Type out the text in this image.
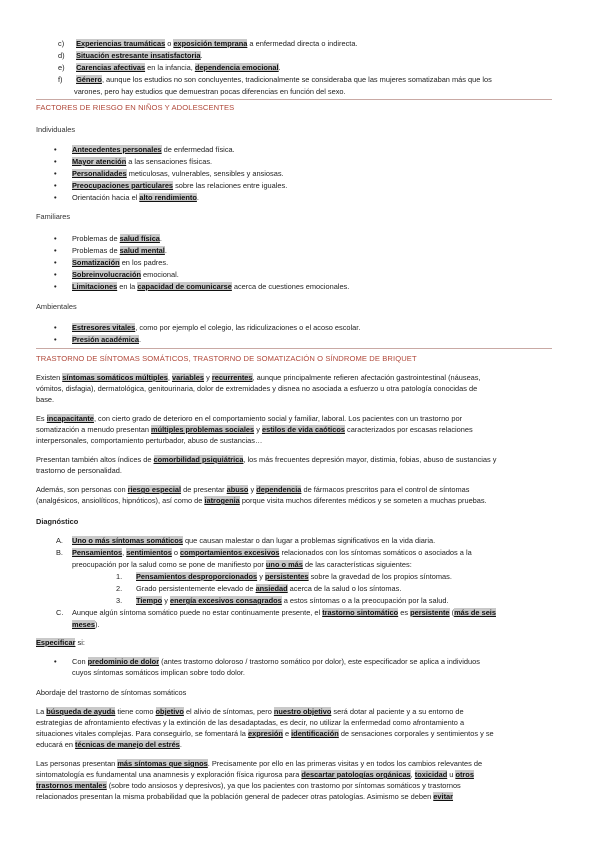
c) Experiencias traumáticas o exposición temprana a enfermedad directa o indirecta.
d) Situación estresante insatisfactoria.
e) Carencias afectivas en la infancia, dependencia emocional.
f) Género, aunque los estudios no son concluyentes, tradicionalmente se consideraba que las mujeres somatizaban más que los
varones, pero hay estudios que demuestran pocas diferencias en función del sexo.
FACTORES DE RIESGO EN NIÑOS Y ADOLESCENTES
Individuales
• Antecedentes personales de enfermedad física.
• Mayor atención a las sensaciones físicas.
• Personalidades meticulosas, vulnerables, sensibles y ansiosas.
• Preocupaciones particulares sobre las relaciones entre iguales.
• Orientación hacia el alto rendimiento.
Familiares
• Problemas de salud física.
• Problemas de salud mental.
• Somatización en los padres.
• Sobreinvolucración emocional.
• Limitaciones en la capacidad de comunicarse acerca de cuestiones emocionales.
Ambientales
• Estresores vitales, como por ejemplo el colegio, las ridiculizaciones o el acoso escolar.
• Presión académica.
TRASTORNO DE SÍNTOMAS SOMÁTICOS, TRASTORNO DE SOMATIZACIÓN O SÍNDROME DE BRIQUET
Existen síntomas somáticos múltiples, variables y recurrentes, aunque principalmente refieren afectación gastrointestinal (náuseas,
vómitos, disfagia), dermatológica, genitourinaria, dolor de extremidades y disnea no asociada a esfuerzo u otra patología conocidas de
base.
Es incapacitante, con cierto grado de deterioro en el comportamiento social y familiar, laboral. Los pacientes con un trastorno por
somatización a menudo presentan múltiples problemas sociales y estilos de vida caóticos caracterizados por escasas relaciones
interpersonales, comportamiento perturbador, abuso de sustancias…
Presentan también altos índices de comorbilidad psiquiátrica, los más frecuentes depresión mayor, distimia, fobias, abuso de sustancias y
trastorno de personalidad.
Además, son personas con riesgo especial de presentar abuso y dependencia de fármacos prescritos para el control de síntomas
(analgésicos, ansiolíticos, hipnóticos), así como de iatrogenia porque visita muchos diferentes médicos y se someten a muchas pruebas.
Diagnóstico
A. Uno o más síntomas somáticos que causan malestar o dan lugar a problemas significativos en la vida diaria.
B. Pensamientos, sentimientos o comportamientos excesivos relacionados con los síntomas somáticos o asociados a la
preocupación por la salud como se pone de manifiesto por uno o más de las características siguientes:
1. Pensamientos desproporcionados y persistentes sobre la gravedad de los propios síntomas.
2. Grado persistentemente elevado de ansiedad acerca de la salud o los síntomas.
3. Tiempo y energía excesivos consagrados a estos síntomas o a la preocupación por la salud.
C. Aunque algún síntoma somático puede no estar continuamente presente, el trastorno sintomático es persistente (más de seis
meses).
Especificar si:
• Con predominio de dolor (antes trastorno doloroso / trastorno somático por dolor), este especificador se aplica a individuos
cuyos síntomas somáticos implican sobre todo dolor.
Abordaje del trastorno de síntomas somáticos
La búsqueda de ayuda tiene como objetivo el alivio de síntomas, pero nuestro objetivo será dotar al paciente y a su entorno de
estrategias de afrontamiento efectivas y la extinción de las desadaptadas, es decir, no utilizar la enfermedad como afrontamiento a
situaciones vitales complejas. Para conseguirlo, se fomentará la expresión e identificación de sensaciones corporales y sentimientos y se
educará en técnicas de manejo del estrés.
Las personas presentan más síntomas que signos. Precisamente por ello en las primeras visitas y en todos los cambios relevantes de
sintomatología es fundamental una anamnesis y exploración física rigurosa para descartar patologías orgánicas, toxicidad u otros
trastornos mentales (sobre todo ansiosos y depresivos), ya que los pacientes con trastorno por síntomas somáticos y trastornos
relacionados presentan la misma probabilidad que la población general de padecer otras patologías. Asimismo se deben evitar
